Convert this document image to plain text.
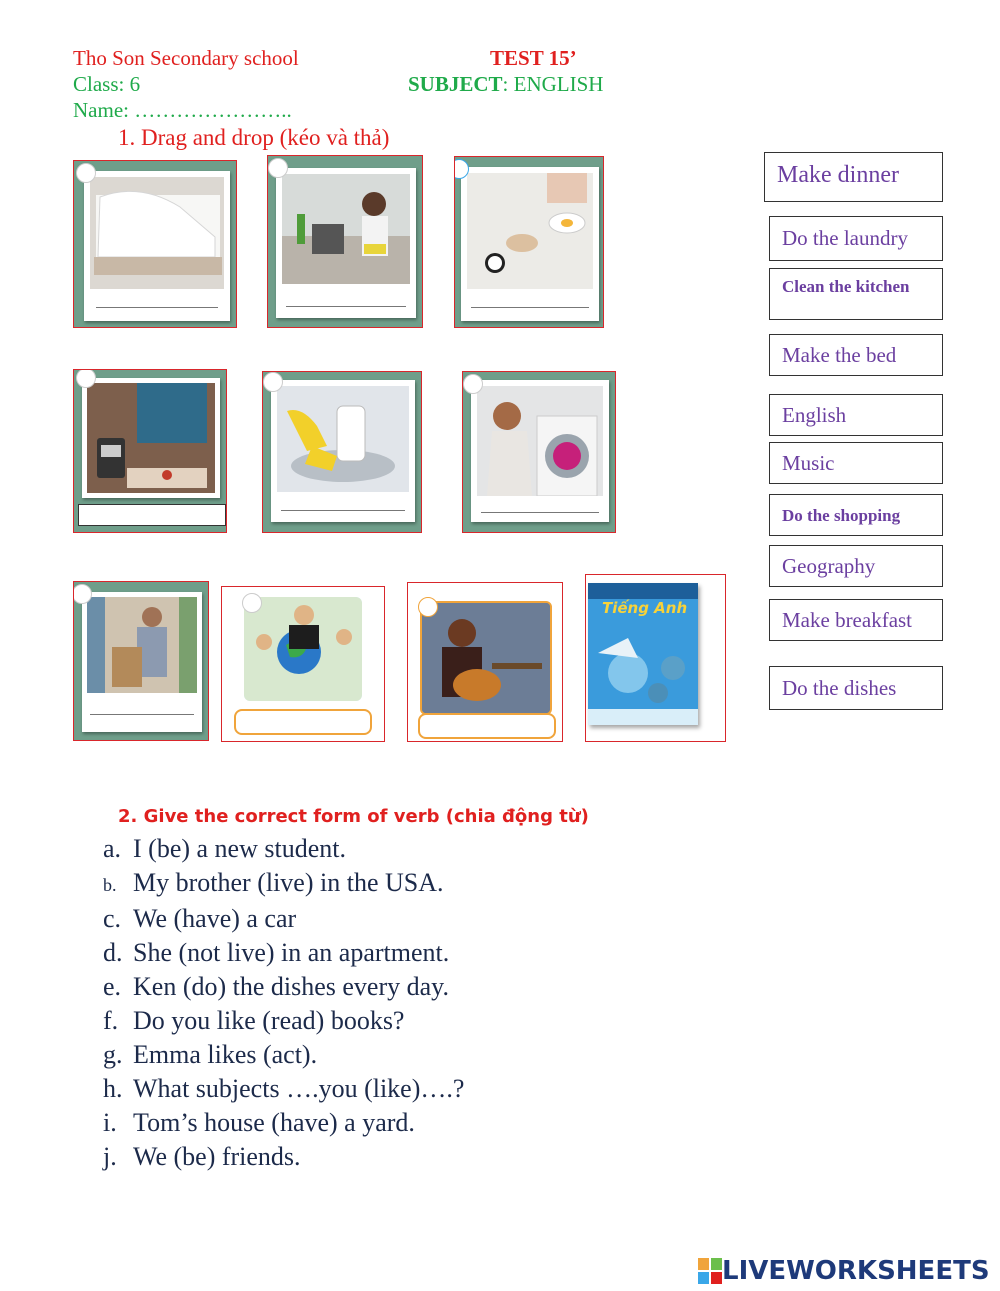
Tho Son Secondary school	TEST 15’
Class: 6	SUBJECT: ENGLISH
Name: …………………..
1. Drag and drop (kéo và thả)
Tiếng Anh
Make dinner
Do the laundry
Clean the kitchen
Make the bed
English
Music
Do the shopping
Geography
Make breakfast
Do the dishes
2. Give the correct form of verb (chia động từ)
a. I (be) a new student.
b. My brother (live) in the USA.
c. We (have) a car
d. She (not live) in an apartment.
e. Ken (do) the dishes every day.
f. Do you like (read) books?
g. Emma likes (act).
h. What subjects ….you (like)….?
i. Tom’s house (have) a yard.
j. We (be) friends.
LIVEWORKSHEETS
